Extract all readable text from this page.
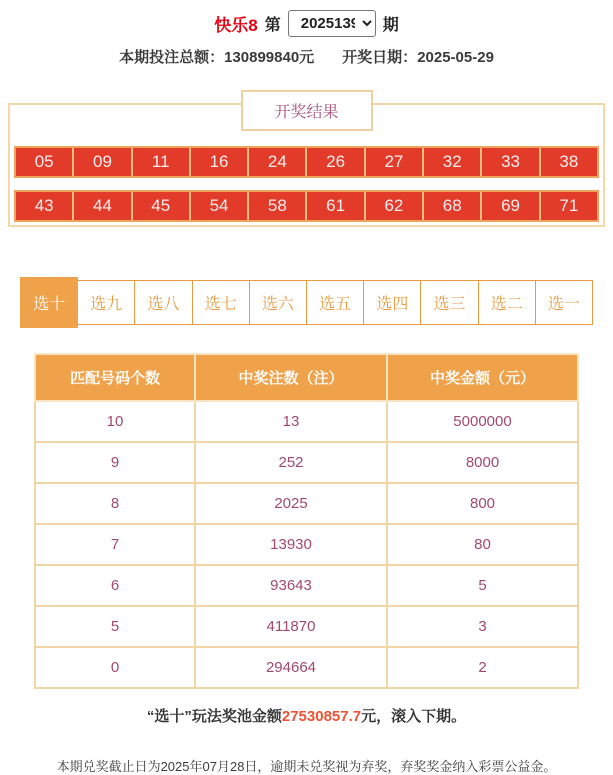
快乐8 第
2025139	期
本期投注总额：130899840元 开奖日期：2025-05-29
开奖结果
05	09	11	16	24	26	27	32	33	38
43	44	45	54	58	61	62	68	69	71
选十	选九	选八	选七	选六	选五	选四	选三	选二	选一
匹配号码个数	中奖注数（注）	中奖金额（元）
10	13	5000000
9	252	8000
8	2025	800
7	13930	80
6	93643	5
5	411870	3
0	294664	2
“选十”玩法奖池金额27530857.7元，滚入下期。
本期兑奖截止日为2025年07月28日，逾期未兑奖视为弃奖，弃奖奖金纳入彩票公益金。
